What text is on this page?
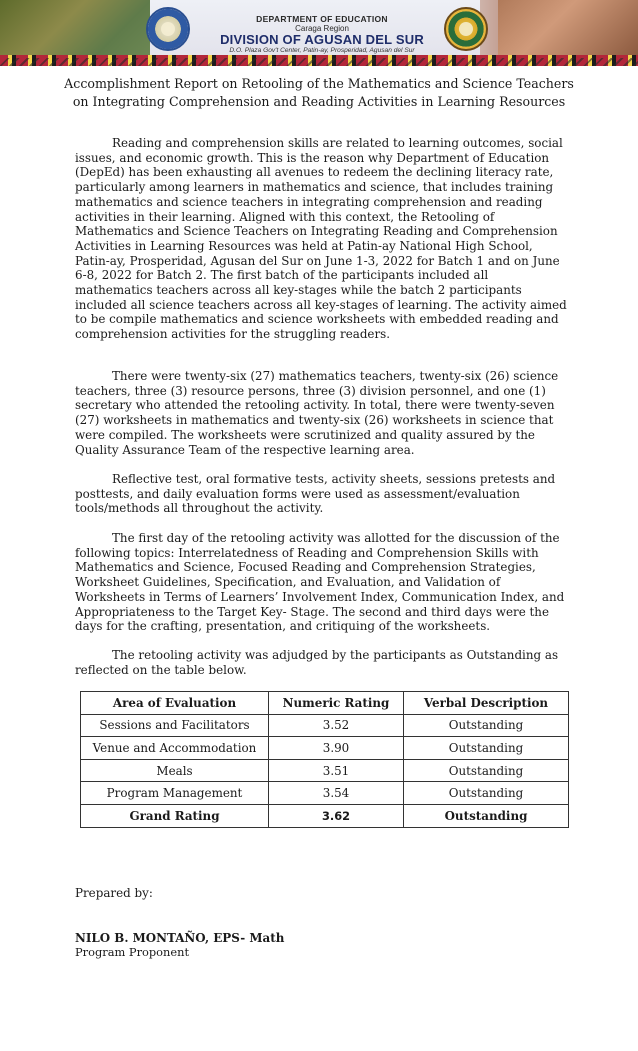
DEPARTMENT OF EDUCATION
Caraga Region
DIVISION OF AGUSAN DEL SUR
D.O. Plaza Gov't Center, Patin-ay, Prosperidad, Agusan del Sur
Accomplishment Report on Retooling of the Mathematics and Science Teachers
on Integrating Comprehension and Reading Activities in Learning Resources

Reading and comprehension skills are related to learning outcomes, social issues, and economic growth. This is the reason why Department of Education (DepEd) has been exhausting all avenues to redeem the declining literacy rate, particularly among learners in mathematics and science, that includes training mathematics and science teachers in integrating comprehension and reading activities in their learning. Aligned with this context, the Retooling of Mathematics and Science Teachers on Integrating Reading and Comprehension Activities in Learning Resources was held at Patin-ay National High School, Patin-ay, Prosperidad, Agusan del Sur on June 1-3, 2022 for Batch 1 and on June 6-8, 2022 for Batch 2. The first batch of the participants included all mathematics teachers across all key-stages while the batch 2 participants included all science teachers across all key-stages of learning. The activity aimed to be compile mathematics and science worksheets with embedded reading and comprehension activities for the struggling readers.

There were twenty-six (27) mathematics teachers, twenty-six (26) science teachers, three (3) resource persons, three (3) division personnel, and one (1) secretary who attended the retooling activity. In total, there were twenty-seven (27) worksheets in mathematics and twenty-six (26) worksheets in science that were compiled. The worksheets were scrutinized and quality assured by the Quality Assurance Team of the respective learning area.

Reflective test, oral formative tests, activity sheets, sessions pretests and posttests, and daily evaluation forms were used as assessment/evaluation tools/methods all throughout the activity.

The first day of the retooling activity was allotted for the discussion of the following topics: Interrelatedness of Reading and Comprehension Skills with Mathematics and Science, Focused Reading and Comprehension Strategies, Worksheet Guidelines, Specification, and Evaluation, and Validation of Worksheets in Terms of Learners’ Involvement Index, Communication Index, and Appropriateness to the Target Key- Stage. The second and third days were the days for the crafting, presentation, and critiquing of the worksheets.

The retooling activity was adjudged by the participants as Outstanding as reflected on the table below.

Area of Evaluation	Numeric Rating	Verbal Description
Sessions and Facilitators	3.52	Outstanding
Venue and Accommodation	3.90	Outstanding
Meals	3.51	Outstanding
Program Management	3.54	Outstanding
Grand Rating	3.62	Outstanding
Prepared by:
NILO B. MONTAÑO, EPS- Math
Program Proponent
